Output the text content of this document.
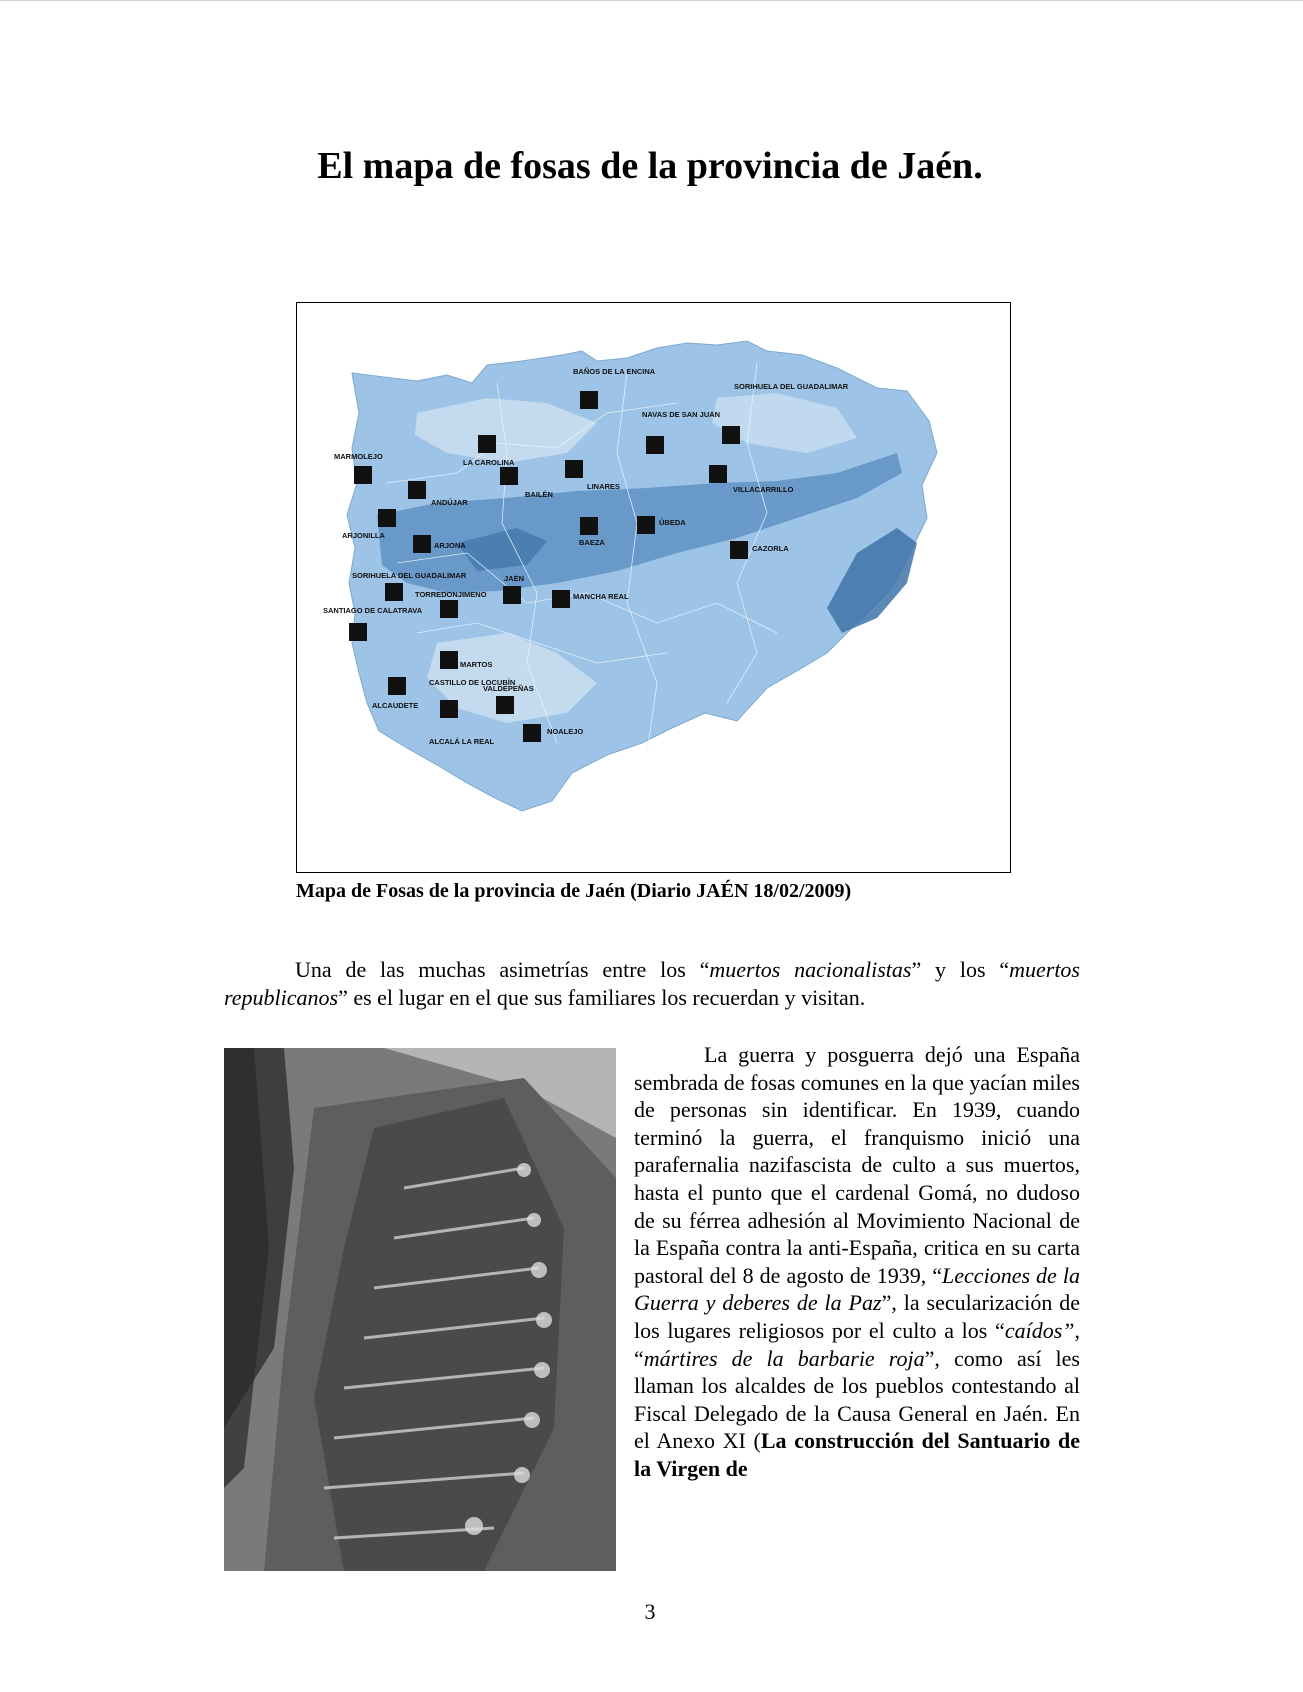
El mapa de fosas de la provincia de Jaén.
BAÑOS DE LA ENCINA
SORIHUELA DEL GUADALIMAR
NAVAS DE SAN JUAN
LA CAROLINA
MARMOLEJO
BAILÉN
LINARES	VILLACARRILLO
ANDÚJAR
ARJONILLA
ARJONA	BAEZA
ÚBEDA
CAZORLA
SORIHUELA DEL GUADALIMAR	JAÉN
TORREDONJIMENO	MANCHA REAL
SANTIAGO DE CALATRAVA
MARTOS
CASTILLO DE LOCUBÍN
VALDEPEÑAS
ALCAUDETE
ALCALÁ LA REAL
NOALEJO

Mapa de Fosas de la provincia de Jaén (Diario JAÉN 18/02/2009)

Una de las muchas asimetrías entre los “muertos nacionalistas” y los “muertos republicanos” es el lugar en el que sus familiares los recuerdan y visitan.

La guerra y posguerra dejó una España sembrada de fosas comunes en la que yacían miles de personas sin identificar. En 1939, cuando terminó la guerra, el franquismo inició una parafernalia nazifascista de culto a sus muertos, hasta el punto que el cardenal Gomá, no dudoso de su férrea adhesión al Movimiento Nacional de la España contra la anti-España, critica en su carta pastoral del 8 de agosto de 1939, “Lecciones de la Guerra y deberes de la Paz”, la secularización de los lugares religiosos por el culto a los “caídos”, “mártires de la barbarie roja”, como así les llaman los alcaldes de los pueblos contestando al Fiscal Delegado de la Causa General en Jaén. En el Anexo XI (La construcción del Santuario de la Virgen de

3
